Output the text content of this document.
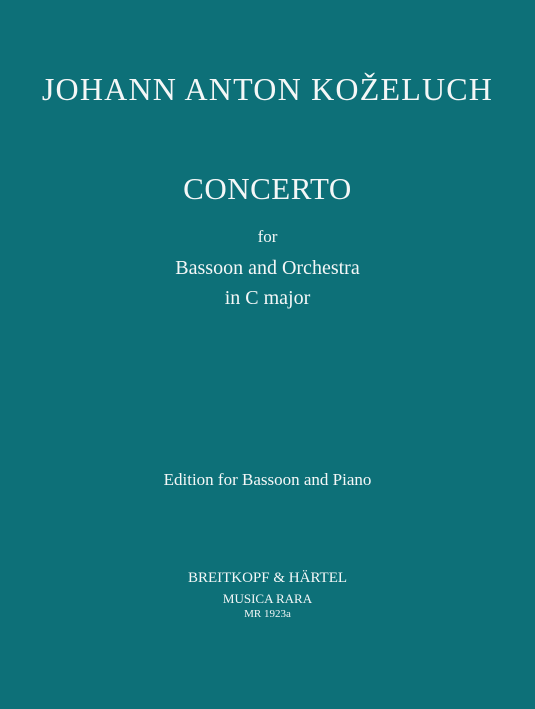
JOHANN ANTON KOŽELUCH
CONCERTO
for
Bassoon and Orchestra
in C major
Edition for Bassoon and Piano
BREITKOPF & HÄRTEL
MUSICA RARA
MR 1923a
